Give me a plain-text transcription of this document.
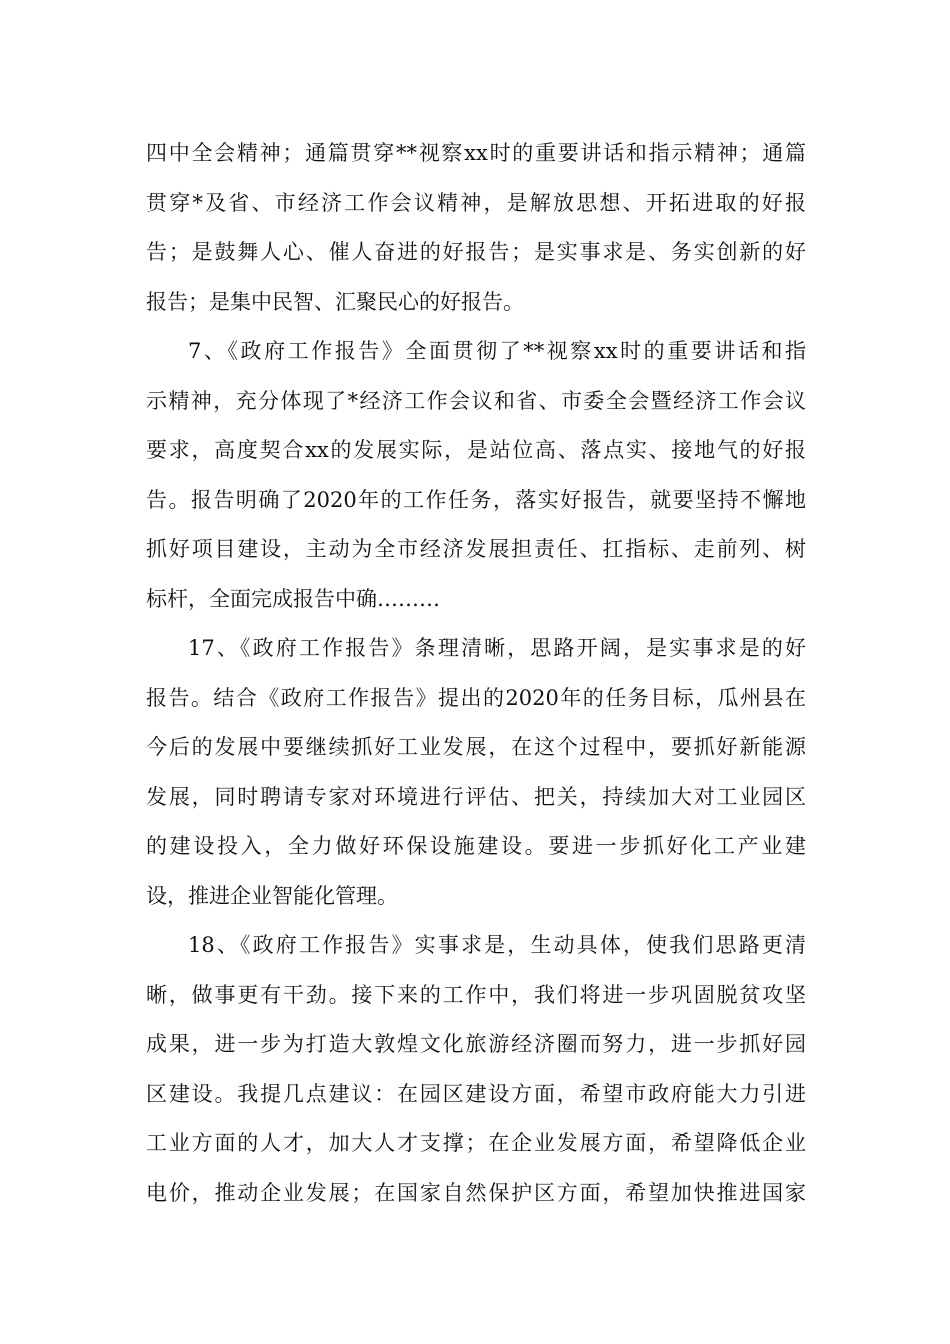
四中全会精神；通篇贯穿**视察xx时的重要讲话和指示精神；通篇
贯穿*及省、市经济工作会议精神，是解放思想、开拓进取的好报
告；是鼓舞人心、催人奋进的好报告；是实事求是、务实创新的好
报告；是集中民智、汇聚民心的好报告。
7、《政府工作报告》全面贯彻了**视察xx时的重要讲话和指
示精神，充分体现了*经济工作会议和省、市委全会暨经济工作会议
要求，高度契合xx的发展实际，是站位高、落点实、接地气的好报
告。报告明确了2020年的工作任务，落实好报告，就要坚持不懈地
抓好项目建设，主动为全市经济发展担责任、扛指标、走前列、树
标杆，全面完成报告中确………
17、《政府工作报告》条理清晰，思路开阔，是实事求是的好
报告。结合《政府工作报告》提出的2020年的任务目标，瓜州县在
今后的发展中要继续抓好工业发展，在这个过程中，要抓好新能源
发展，同时聘请专家对环境进行评估、把关，持续加大对工业园区
的建设投入，全力做好环保设施建设。要进一步抓好化工产业建
设，推进企业智能化管理。
18、《政府工作报告》实事求是，生动具体，使我们思路更清
晰，做事更有干劲。接下来的工作中，我们将进一步巩固脱贫攻坚
成果，进一步为打造大敦煌文化旅游经济圈而努力，进一步抓好园
区建设。我提几点建议：在园区建设方面，希望市政府能大力引进
工业方面的人才，加大人才支撑；在企业发展方面，希望降低企业
电价，推动企业发展；在国家自然保护区方面，希望加快推进国家
